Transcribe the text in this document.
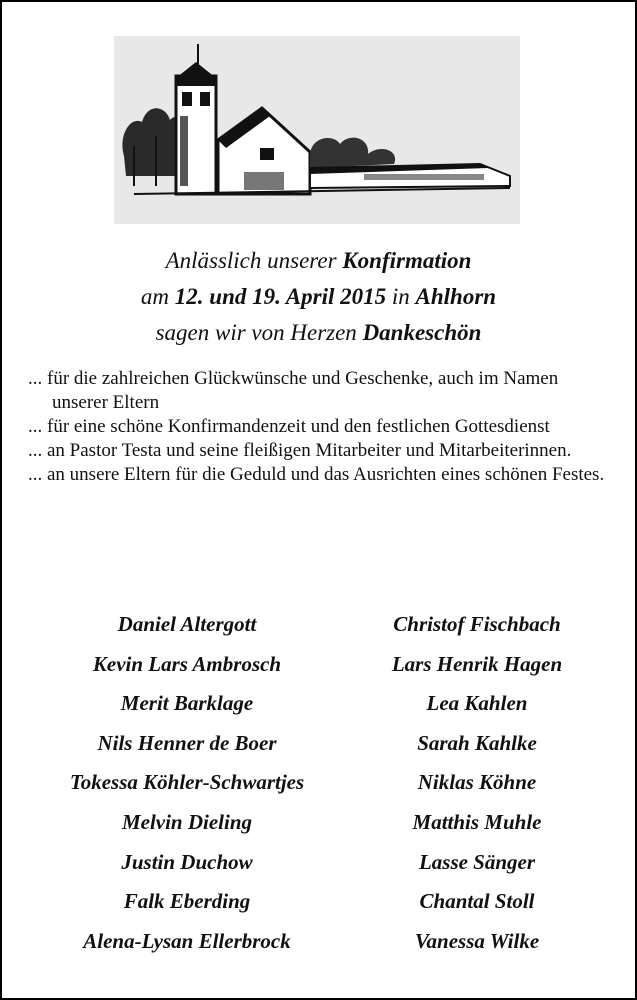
Anlässlich unserer Konfirmation
am 12. und 19. April 2015 in Ahlhorn
sagen wir von Herzen Dankeschön

... für die zahlreichen Glückwünsche und Geschenke, auch im Namen unserer Eltern

... für eine schöne Konfirmandenzeit und den festlichen Gottesdienst

... an Pastor Testa und seine fleißigen Mitarbeiter und Mitarbeiterinnen.

... an unsere Eltern für die Geduld und das Ausrichten eines schönen Festes.

Daniel Altergott
Kevin Lars Ambrosch
Merit Barklage
Nils Henner de Boer
Tokessa Köhler-Schwartjes
Melvin Dieling
Justin Duchow
Falk Eberding
Alena-Lysan Ellerbrock
Christof Fischbach
Lars Henrik Hagen
Lea Kahlen
Sarah Kahlke
Niklas Köhne
Matthis Muhle
Lasse Sänger
Chantal Stoll
Vanessa Wilke
